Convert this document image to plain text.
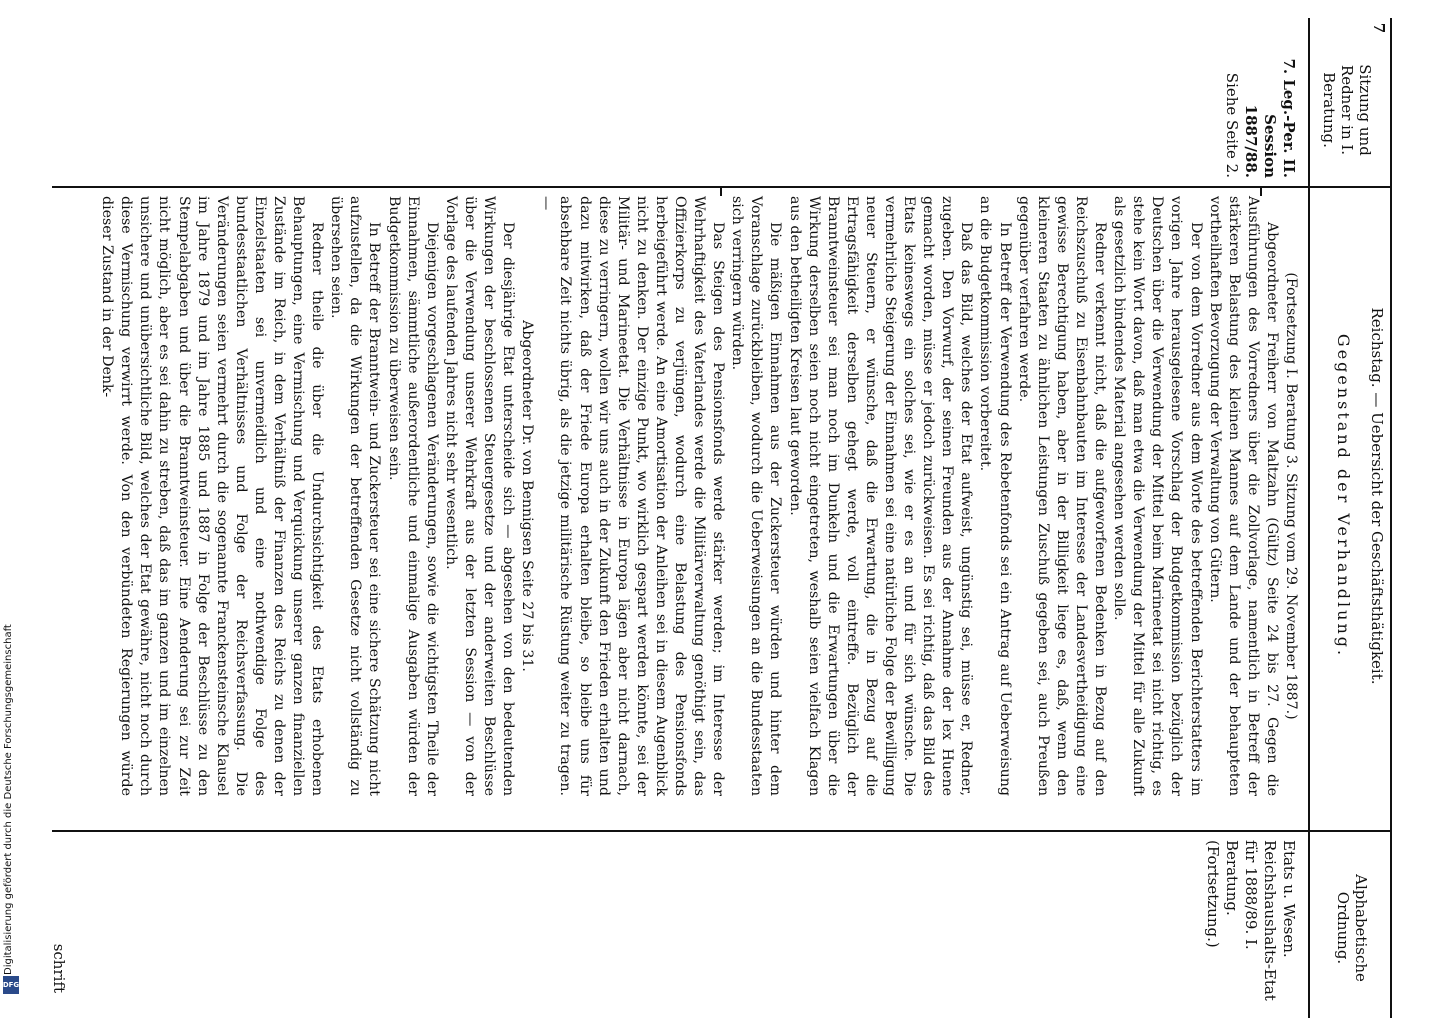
Digitalisierung gefördert durch die Deutsche Forschungsgemeinschaft
DFG
7
Sitzung und Redner in I. Beratung.
Reichstag. — Uebersicht der Geschäftsthätigkeit.
Gegenstand der Verhandlung.
Alphabetische Ordnung.
7. Leg.-Per. II. Session 1887/88.
Siehe Seite 2.

(Fortsetzung I. Beratung 3. Sitzung vom 29. November 1887.)

Abgeordneter Freiherr von Maltzahn (Gültz) Seite 24 bis 27. Gegen die Ausführungen des Vorredners über die Zollvorlage, namentlich in Betreff der stärkeren Belastung des kleinen Mannes auf dem Lande und der behaupteten vortheilhaften Bevorzugung der Verwaltung von Gütern.

Der von dem Vorredner aus dem Worte des betreffenden Berichterstatters im vorigen Jahre herausgelesene Vorschlag der Budgetkommission bezüglich der Deutschen über die Verwendung der Mittel beim Marineetat sei nicht richtig, es stehe kein Wort davon, daß man etwa die Verwendung der Mittel für alle Zukunft als gesetzlich bindendes Material angesehen werden solle.

Redner verkennt nicht, daß die aufgeworfenen Bedenken in Bezug auf den Reichszuschuß zu Eisenbahnbauten im Interesse der Landesvertheidigung eine gewisse Berechtigung haben, aber in der Billigkeit liege es, daß, wenn den kleineren Staaten zu ähnlichen Leistungen Zuschuß gegeben sei, auch Preußen gegenüber verfahren werde.

In Betreff der Verwendung des Rebetenfonds sei ein Antrag auf Ueberweisung an die Budgetkommission vorbereitet.

Daß das Bild, welches der Etat aufweist, ungünstig sei, müsse er, Redner, zugeben. Den Vorwurf, der seinen Freunden aus der Annahme der lex Huene gemacht worden, müsse er jedoch zurückweisen. Es sei richtig, daß das Bild des Etats keineswegs ein solches sei, wie er es an und für sich wünsche. Die vermehrliche Steigerung der Einnahmen sei eine natürliche Folge der Bewilligung neuer Steuern, er wünsche, daß die Erwartung, die in Bezug auf die Ertragsfähigkeit derselben gehegt werde, voll eintreffe. Bezüglich der Branntweinsteuer sei man noch im Dunkeln und die Erwartungen über die Wirkung derselben seien noch nicht eingetreten, weshalb seien vielfach Klagen aus den betheiligten Kreisen laut geworden.

Die mäßigen Einnahmen aus der Zuckersteuer würden und hinter dem Voranschlage zurückbleiben, wodurch die Ueberweisungen an die Bundesstaaten sich verringern würden.

Das Steigen des Pensionsfonds werde stärker werden; im Interesse der Wehrhaftigkeit des Vaterlandes werde die Militärverwaltung genöthigt sein, das Offizierkorps zu verjüngen, wodurch eine Belastung des Pensionsfonds herbeigeführt werde. An eine Amortisation der Anleihen sei in diesem Augenblick nicht zu denken. Der einzige Punkt, wo wirklich gespart werden könnte, sei der Militär- und Marineetat. Die Verhältnisse in Europa lägen aber nicht darnach, diese zu verringern, wollen wir uns auch in der Zukunft den Frieden erhalten und dazu mitwirken, daß der Friede Europa erhalten bleibe, so bleibe uns für absehbare Zeit nichts übrig, als die jetzige militärische Rüstung weiter zu tragen. —

Abgeordneter Dr. von Bennigsen Seite 27 bis 31.

Der diesjährige Etat unterscheide sich — abgesehen von den bedeutenden Wirkungen der beschlossenen Steuergesetze und der anderweiten Beschlüsse über die Verwendung unserer Wehrkraft aus der letzten Session — von der Vorlage des laufenden Jahres nicht sehr wesentlich.

Diejenigen vorgeschlagenen Veränderungen, sowie die wichtigsten Theile der Einnahmen, sämmtliche außerordentliche und einmalige Ausgaben würden der Budgetkommission zu überweisen sein.

In Betreff der Branntwein- und Zuckersteuer sei eine sichere Schätzung nicht aufzustellen, da die Wirkungen der betreffenden Gesetze nicht vollständig zu übersehen seien.

Redner theile die über die Undurchsichtigkeit des Etats erhobenen Behauptungen, eine Vermischung und Verquickung unserer ganzen finanziellen Zustände im Reich, in dem Verhältniß der Finanzen des Reichs zu denen der Einzelstaaten sei unvermeidlich und eine nothwendige Folge des bundesstaatlichen Verhältnisses und Folge der Reichsverfassung. Die Veränderungen seien vermehrt durch die sogenannte Franckensteinsche Klausel im Jahre 1879 und im Jahre 1885 und 1887 in Folge der Beschlüsse zu den Stempelabgaben und über die Branntweinsteuer. Eine Aenderung sei zur Zeit nicht möglich, aber es sei dahin zu streben, daß das im ganzen und im einzelnen unsichere und unübersichtliche Bild, welches der Etat gewähre, nicht noch durch diese Vermischung verwirrt werde. Von den verbündeten Regierungen würde dieser Zustand in der Denk-

Etats u. Wesen. Reichshaushalts-Etat für 1888/89. I. Beratung. (Fortsetzung.)
schrift
